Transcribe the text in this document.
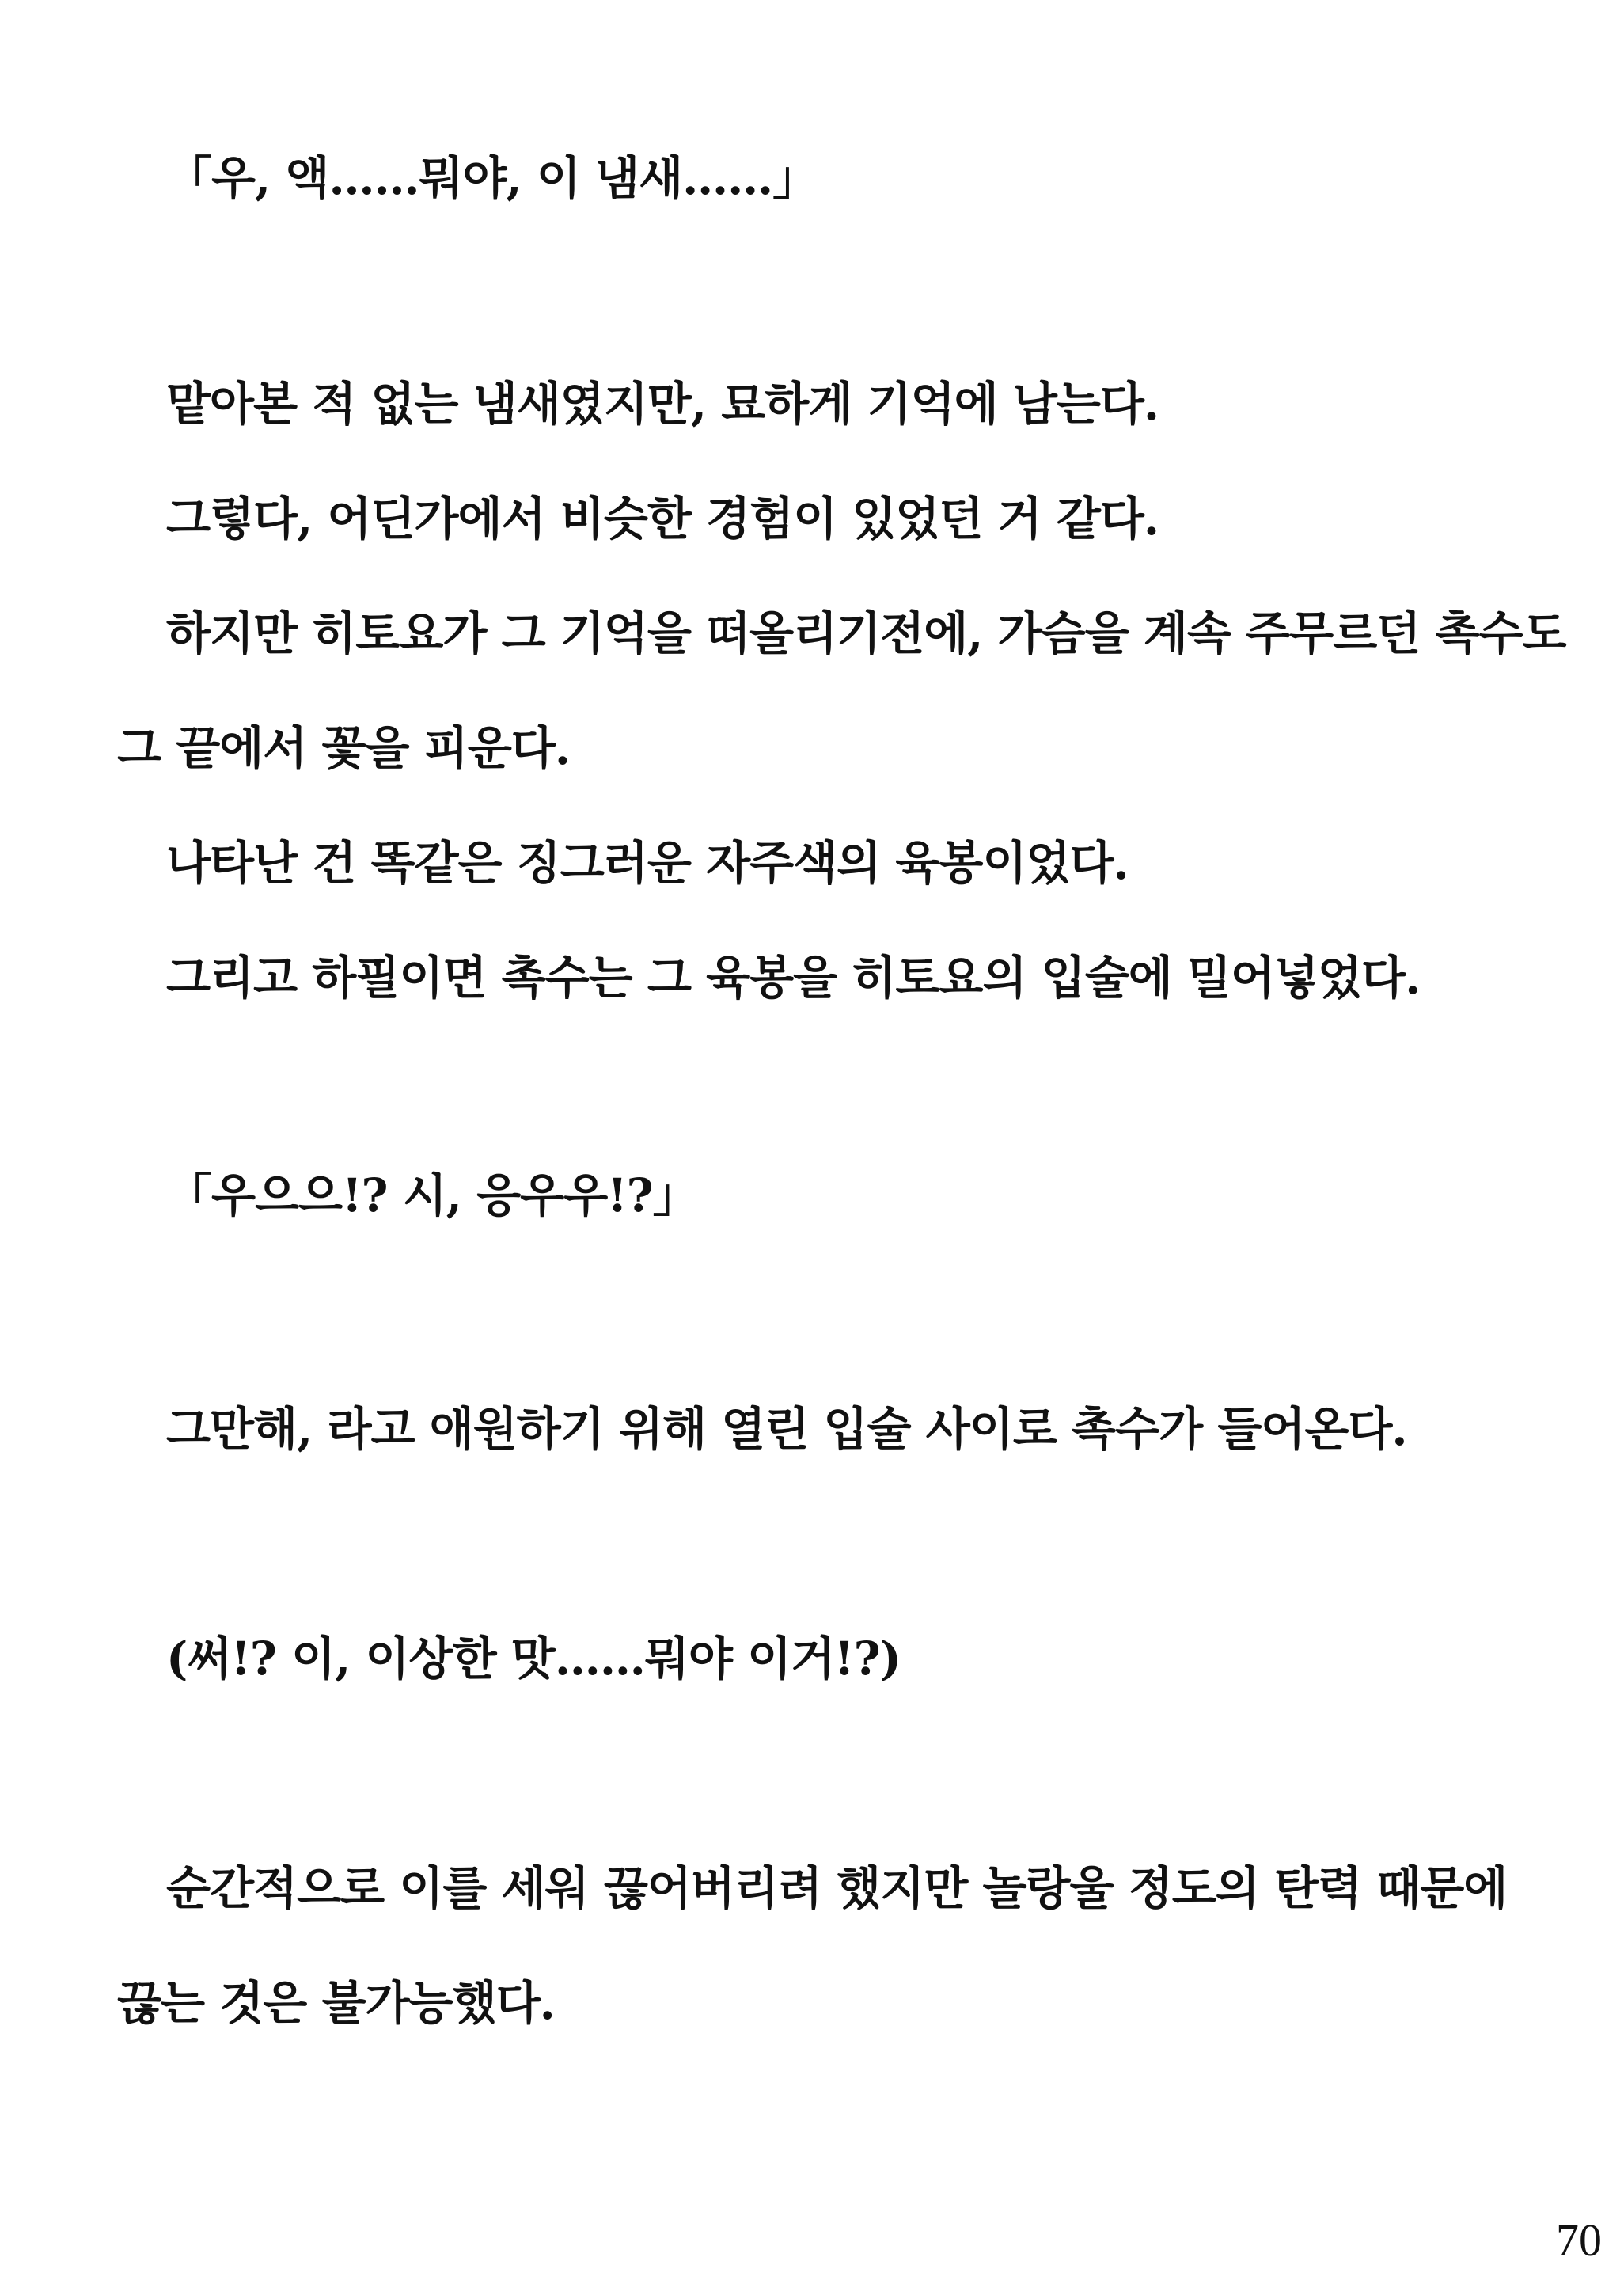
「우, 액……뭐야, 이 냄새……」
맡아본 적 없는 냄새였지만, 묘하게 기억에 남는다.
그렇다, 어딘가에서 비슷한 경험이 있었던 거 같다.
하지만 히토요가 그 기억을 떠올리기전에, 가슴을 계속 주무르던 촉수도
그 끝에서 꽃을 피운다.
나타난 건 똑같은 징그러운 자주색의 육봉이었다.
그리고 하필이면 촉수는 그 육봉을 히토요의 입술에 밀어넣었다.
「우으으!? 시, 응우우!?」
그만해, 라고 애원하기 위해 열린 입술 사이로 촉수가 들어온다.
(써!? 이, 이상한 맛……뭐야 이거!?)
순간적으로 이를 세워 끊어버리려 했지만 놀랑울 정도의 탄력 때문에
끊는 것은 불가능했다.
70
